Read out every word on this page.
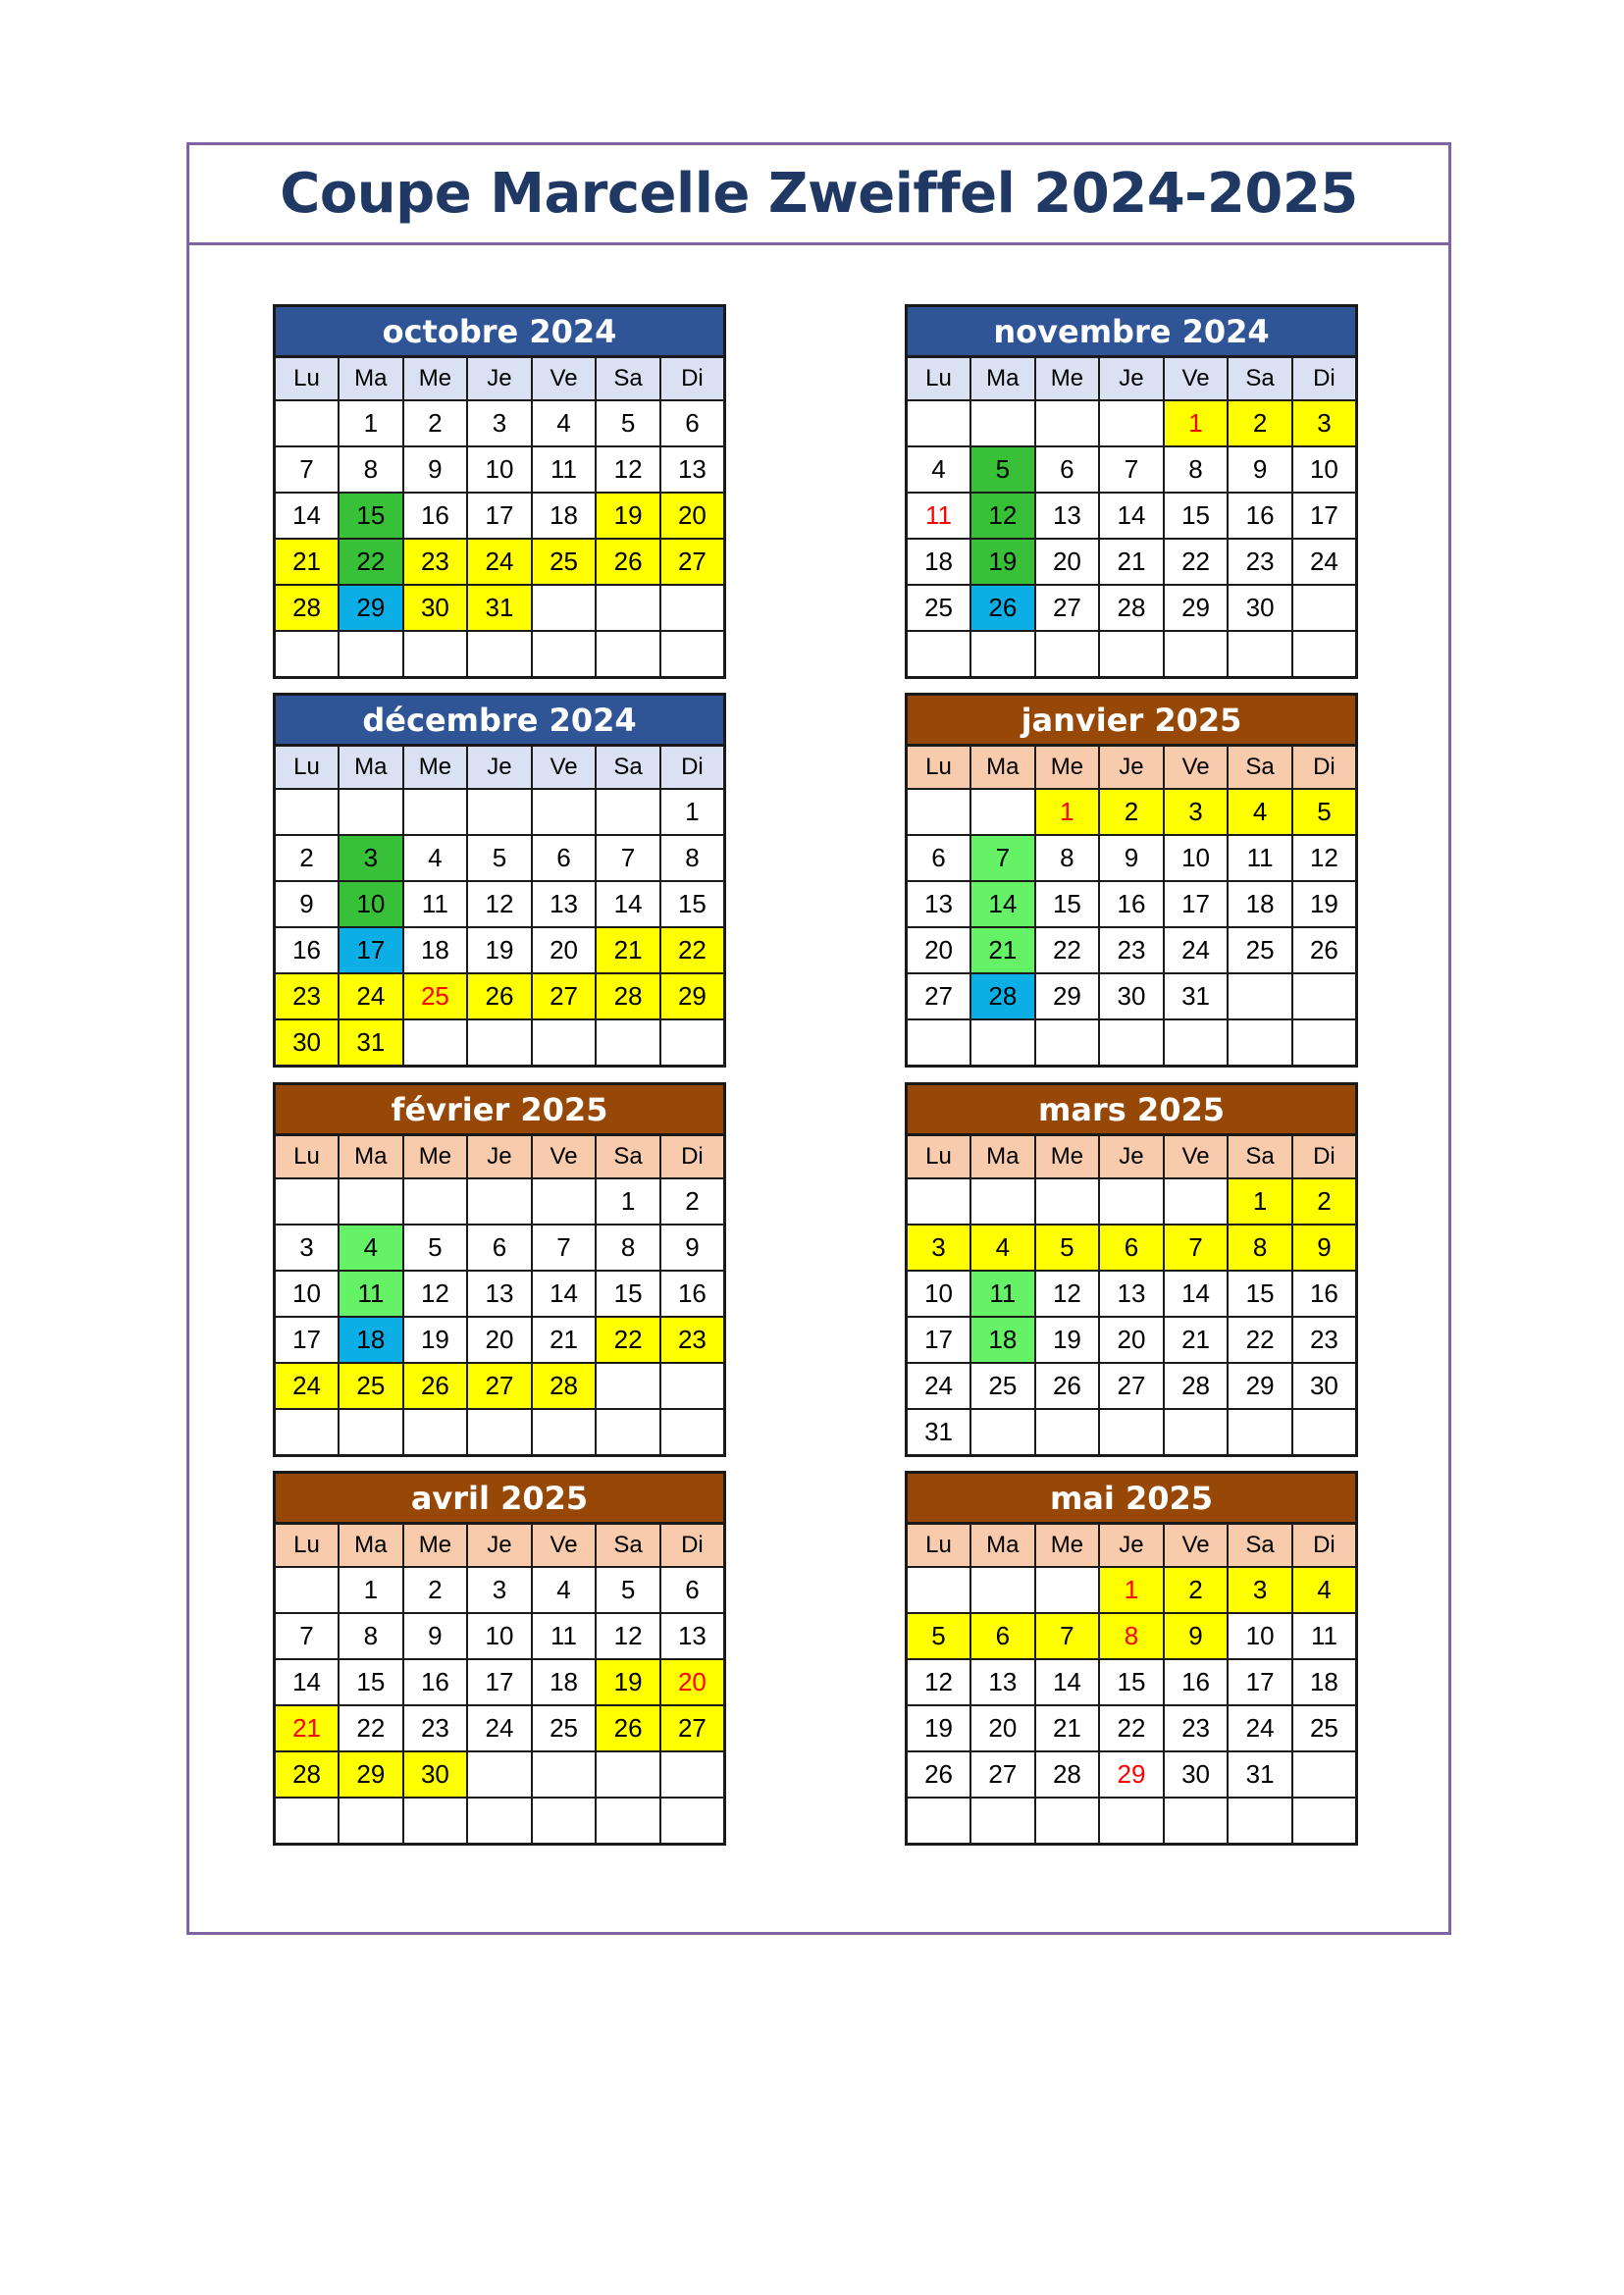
Coupe Marcelle Zweiffel 2024-2025
octobre 2024
Lu	Ma	Me	Je	Ve	Sa	Di
	1	2	3	4	5	6
7	8	9	10	11	12	13
14	15	16	17	18	19	20
21	22	23	24	25	26	27
28	29	30	31			

novembre 2024
Lu	Ma	Me	Je	Ve	Sa	Di
				1	2	3
4	5	6	7	8	9	10
11	12	13	14	15	16	17
18	19	20	21	22	23	24
25	26	27	28	29	30	

décembre 2024
Lu	Ma	Me	Je	Ve	Sa	Di
						1
2	3	4	5	6	7	8
9	10	11	12	13	14	15
16	17	18	19	20	21	22
23	24	25	26	27	28	29
30	31					
janvier 2025
Lu	Ma	Me	Je	Ve	Sa	Di
		1	2	3	4	5
6	7	8	9	10	11	12
13	14	15	16	17	18	19
20	21	22	23	24	25	26
27	28	29	30	31		

février 2025
Lu	Ma	Me	Je	Ve	Sa	Di
					1	2
3	4	5	6	7	8	9
10	11	12	13	14	15	16
17	18	19	20	21	22	23
24	25	26	27	28		

mars 2025
Lu	Ma	Me	Je	Ve	Sa	Di
					1	2
3	4	5	6	7	8	9
10	11	12	13	14	15	16
17	18	19	20	21	22	23
24	25	26	27	28	29	30
31						
avril 2025
Lu	Ma	Me	Je	Ve	Sa	Di
	1	2	3	4	5	6
7	8	9	10	11	12	13
14	15	16	17	18	19	20
21	22	23	24	25	26	27
28	29	30				

mai 2025
Lu	Ma	Me	Je	Ve	Sa	Di
			1	2	3	4
5	6	7	8	9	10	11
12	13	14	15	16	17	18
19	20	21	22	23	24	25
26	27	28	29	30	31	
